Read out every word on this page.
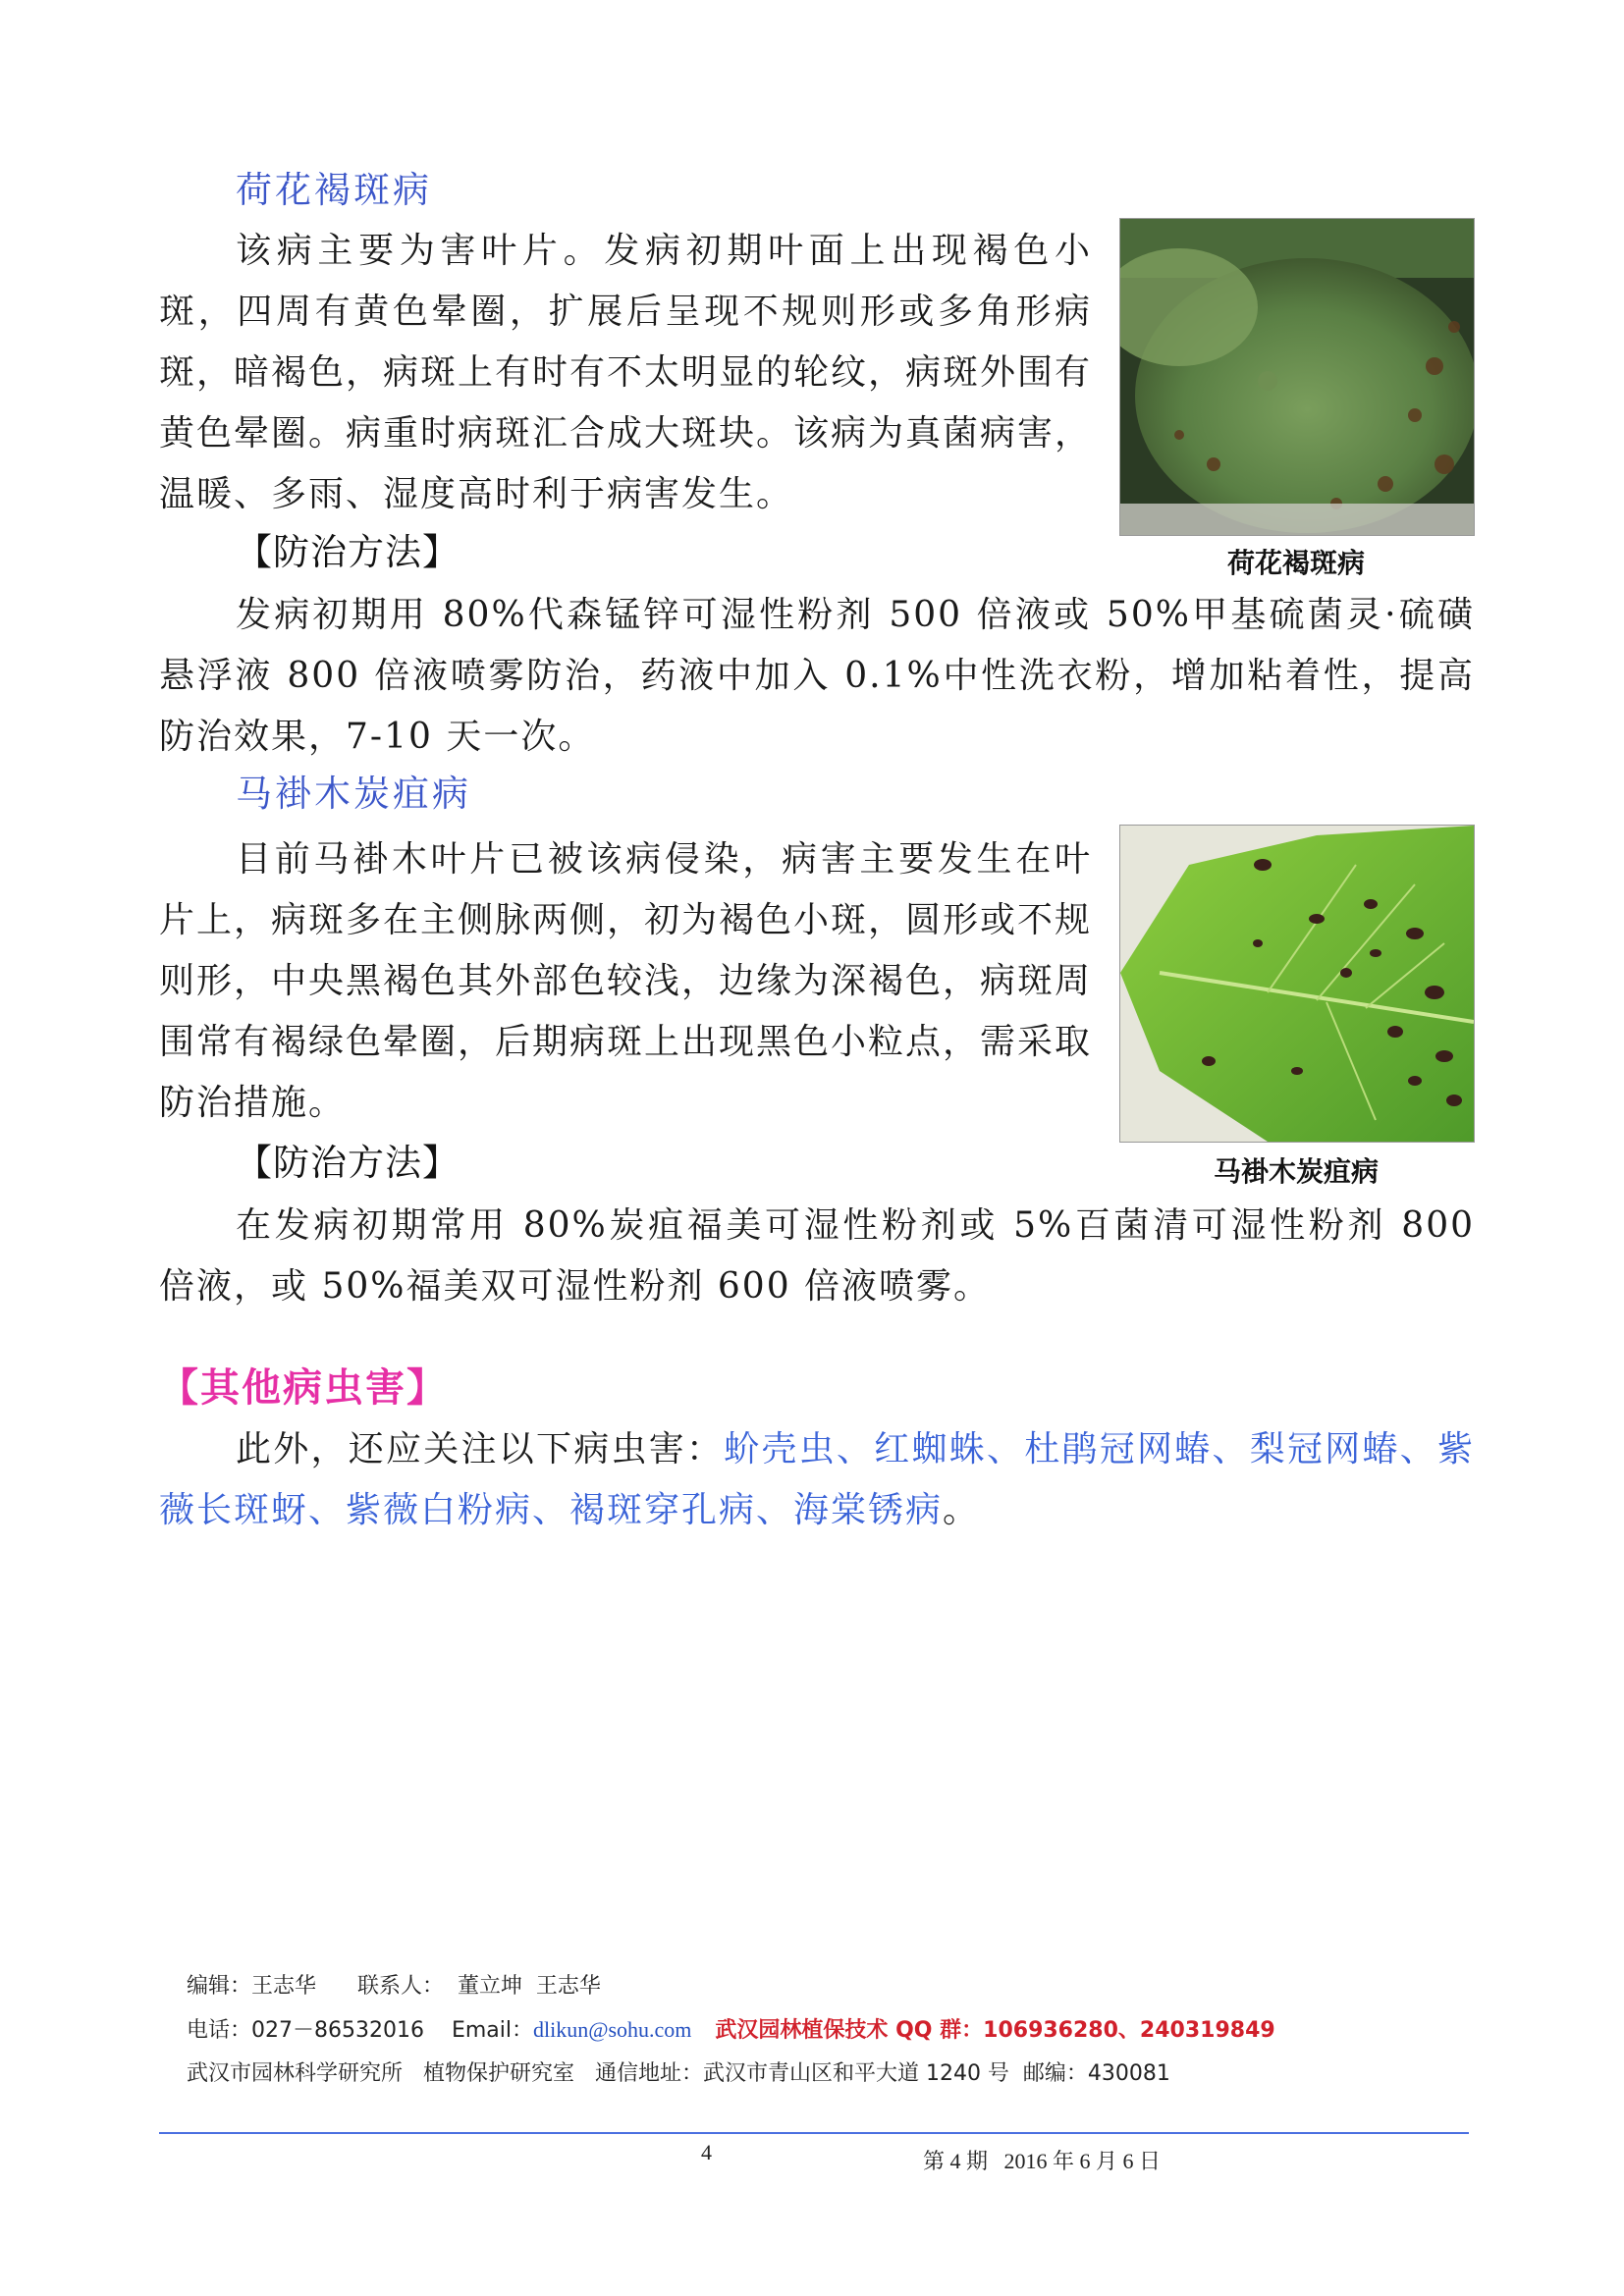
荷花褐斑病

该病主要为害叶片。发病初期叶面上出现褐色小斑，四周有黄色晕圈，扩展后呈现不规则形或多角形病斑，暗褐色，病斑上有时有不太明显的轮纹，病斑外围有黄色晕圈。病重时病斑汇合成大斑块。该病为真菌病害，温暖、多雨、湿度高时利于病害发生。

荷花褐斑病
【防治方法】

发病初期用 80%代森锰锌可湿性粉剂 500 倍液或 50%甲基硫菌灵·硫磺悬浮液 800 倍液喷雾防治，药液中加入 0.1%中性洗衣粉，增加粘着性，提高防治效果，7-10 天一次。

马褂木炭疽病

目前马褂木叶片已被该病侵染，病害主要发生在叶片上，病斑多在主侧脉两侧，初为褐色小斑，圆形或不规则形，中央黑褐色其外部色较浅，边缘为深褐色，病斑周围常有褐绿色晕圈，后期病斑上出现黑色小粒点，需采取防治措施。

马褂木炭疽病
【防治方法】

在发病初期常用 80%炭疽福美可湿性粉剂或 5%百菌清可湿性粉剂 800 倍液，或 50%福美双可湿性粉剂 600 倍液喷雾。

【其他病虫害】

此外，还应关注以下病虫害：蚧壳虫、红蜘蛛、杜鹃冠网蝽、梨冠网蝽、紫薇长斑蚜、紫薇白粉病、褐斑穿孔病、海棠锈病。

编辑：王志华      联系人：  董立坤  王志华
电话：027－86532016    Email：dlikun@sohu.com 武汉园林植保技术 QQ 群：106936280、240319849
武汉市园林科学研究所   植物保护研究室   通信地址：武汉市青山区和平大道 1240 号  邮编：430081
4	第 4 期   2016 年 6 月 6 日
